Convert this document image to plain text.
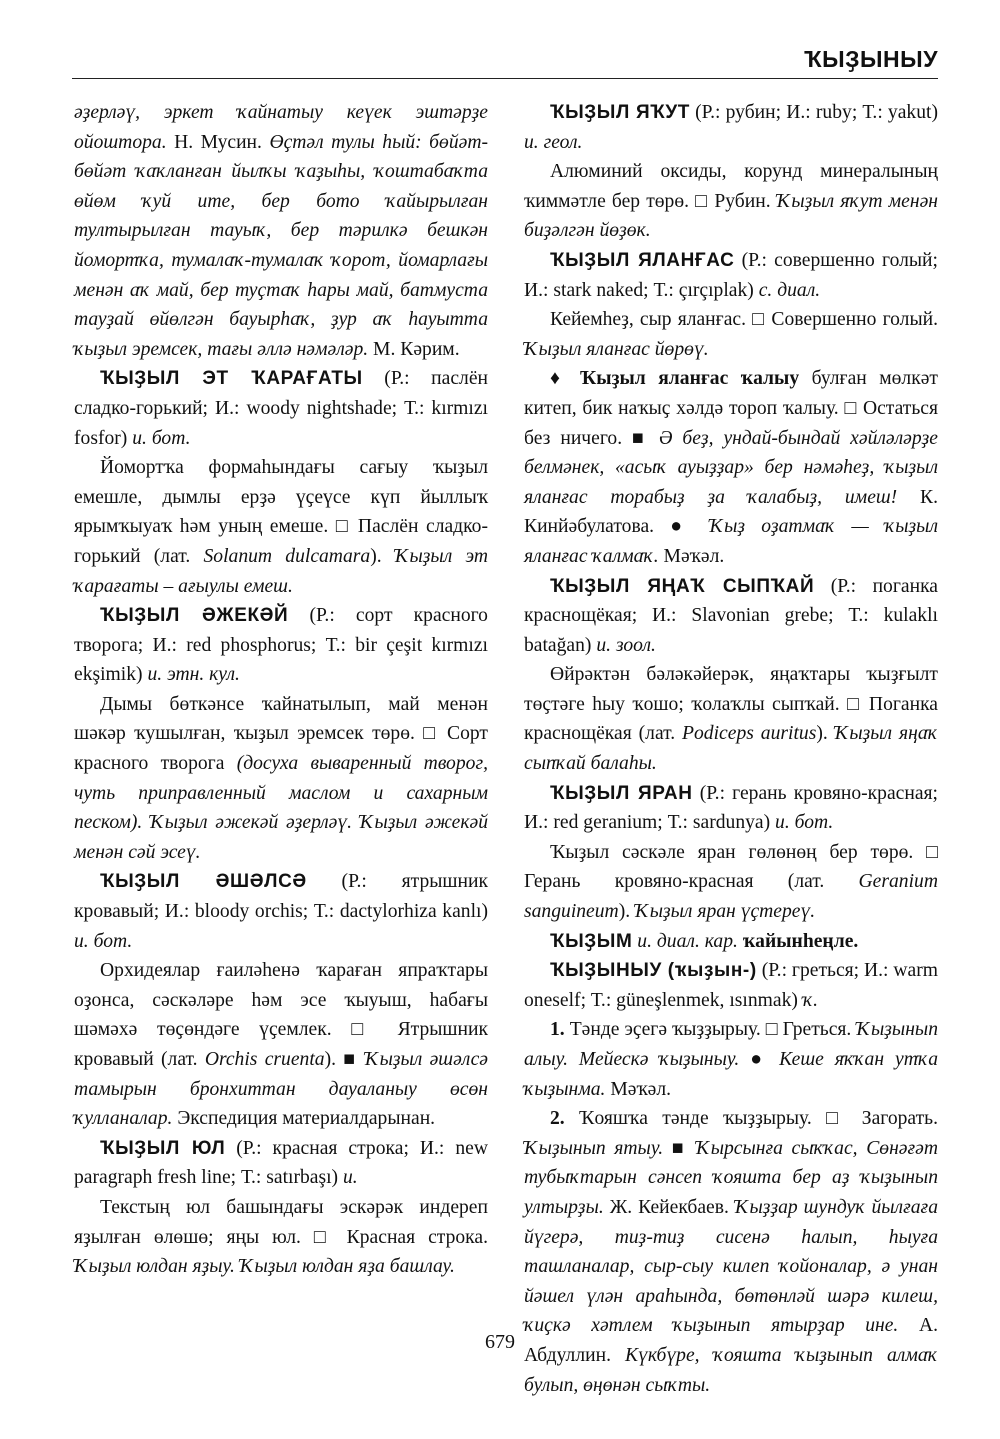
ҠЫҘЫНЫУ

әҙерләү, эркет ҡайнатыу кеүек эштәрҙе ойоштора. Н. Мусин. Өҫтәл тулы һый: бөйәт-бөйәт ҡаҡланған йылҡы ҡаҙыһы, ҡоштабаҡта өйөм ҡуй ите, бер бото ҡайырылған тултырылған тауыҡ, бер тәрилкә бешкән йомортҡа, тумалаҡ-тумалаҡ ҡорот, йомарлағы менән аҡ май, бер туҫтаҡ һары май, батмуста тауҙай өйөлгән бауырһаҡ, ҙур аҡ һауытта ҡыҙыл эремсек, тағы әллә нәмәләр. М. Кәрим.

ҠЫҘЫЛ ЭТ ҠАРАҒАТЫ (Р.: паслён сладко-горький; И.: woody nightshade; Т.: kırmızı fosfor) и. бот.

Йомортҡа формаһындағы сағыу ҡыҙыл емешле, дымлы ерҙә үҫеүсе күп йыллыҡ ярымҡыуаҡ һәм уның емеше. □ Паслён сладко-горький (лат. Solanum dulcamara). Ҡыҙыл эт ҡарағаты – ағыулы емеш.

ҠЫҘЫЛ ӘЖЕКӘЙ (Р.: сорт красного творога; И.: red phosphorus; Т.: bir çeşit kırmızı ekşimik) и. этн. кул.

Дымы бөткәнсе ҡайнатылып, май менән шәкәр ҡушылған, ҡыҙыл эремсек төрө. □ Сорт красного творога (досуха вываренный творог, чуть приправленный маслом и сахарным песком). Ҡыҙыл әжекәй әҙерләү. Ҡыҙыл әжекәй менән сәй эсеү.

ҠЫҘЫЛ ӘШӘЛСӘ (Р.: ятрышник кровавый; И.: bloody orchis; Т.: dactylorhiza kanlı) и. бот.

Орхидеялар ғаиләһенә ҡараған япраҡтары оҙонса, сәскәләре һәм эсе ҡыуыш, һабағы шәмәхә төҫөндәге үҫемлек. □ Ятрышник кровавый (лат. Orchis cruenta). ■ Ҡыҙыл әшәлсә тамырын бронхиттан дауаланыу өсөн ҡулланалар. Экспедиция материалдарынан.

ҠЫҘЫЛ ЮЛ (Р.: красная строка; И.: new paragraph fresh line; Т.: satırbaşı) и.

Текстың юл башындағы эскәрәк индереп яҙылған өлөшө; яңы юл. □ Красная строка. Ҡыҙыл юлдан яҙыу. Ҡыҙыл юлдан яҙа башлау.

ҠЫҘЫЛ ЯҠУТ (Р.: рубин; И.: ruby; Т.: yakut) и. геол.

Алюминий оксиды, корунд минералының ҡиммәтле бер төрө. □ Рубин. Ҡыҙыл яҡут менән биҙәлгән йөҙөк.

ҠЫҘЫЛ ЯЛАНҒАС (Р.: совершенно голый; И.: stark naked; Т.: çırçıplak) с. диал.

Кейемһеҙ, сыр яланғас. □ Совершенно голый. Ҡыҙыл яланғас йөрөү.

♦ Ҡыҙыл яланғас ҡалыу булған мөлкәт китеп, бик наҡыҫ хәлдә тороп ҡалыу. □ Остаться без ничего. ■ Ә беҙ, ундай-бындай хәйләләрҙе белмәнек, «асыҡ ауыҙҙар» бер нәмәһеҙ, ҡыҙыл яланғас торабыҙ ҙа ҡалабыҙ, имеш! К. Кинйәбулатова. ● Ҡыҙ оҙатмаҡ — ҡыҙыл яланғас ҡалмаҡ. Мәҡәл.

ҠЫҘЫЛ ЯҢАҠ СЫПҠАЙ (Р.: поганка краснощёкая; И.: Slavonian grebe; Т.: kulaklı batağan) и. зоол.

Өйрәктән бәләкәйерәк, яңаҡтары ҡыҙғылт төҫтәге һыу ҡошо; ҡолаҡлы сыпҡай. □ Поганка краснощёкая (лат. Podiceps auritus). Ҡыҙыл яңаҡ сыпҡай балаһы.

ҠЫҘЫЛ ЯРАН (Р.: герань кровяно-красная; И.: red geranium; Т.: sardunya) и. бот.

Ҡыҙыл сәскәле яран гөлөнөң бер төрө. □ Герань кровяно-красная (лат. Geranium sanguineum). Ҡыҙыл яран үҫтереү.

ҠЫҘЫМ и. диал. кар. ҡайынһеңле.

ҠЫҘЫНЫУ (ҡыҙын-) (Р.: греться; И.: warm oneself; Т.: güneşlenmek, ısınmak) ҡ.

1. Тәнде эҫегә ҡыҙҙырыу. □ Греться. Ҡыҙынып алыу. Мейескә ҡыҙыныу. ● Кеше яҡҡан утҡа ҡыҙынма. Мәҡәл.

2. Ҡояшҡа тәнде ҡыҙҙырыу. □ Загорать. Ҡыҙынып ятыу. ■ Ҡырсынға сыҡҡас, Сөнәғәт тубыҡтарын сәнсеп ҡояшта бер аҙ ҡыҙынып ултырҙы. Ж. Кейекбаев. Ҡыҙҙар шундуҡ йылғаға йүгерә, тиҙ-тиҙ сисенә һалып, һыуға ташланалар, сыр-сыу килеп ҡойоналар, ә унан йәшел үлән араһында, бөтөнләй шәрә килеш, ҡиҫкә хәтлем ҡыҙынып ятырҙар ине. А. Абдуллин. Күкбүре, ҡояшта ҡыҙынып алмаҡ булып, өңөнән сыҡты.

679
